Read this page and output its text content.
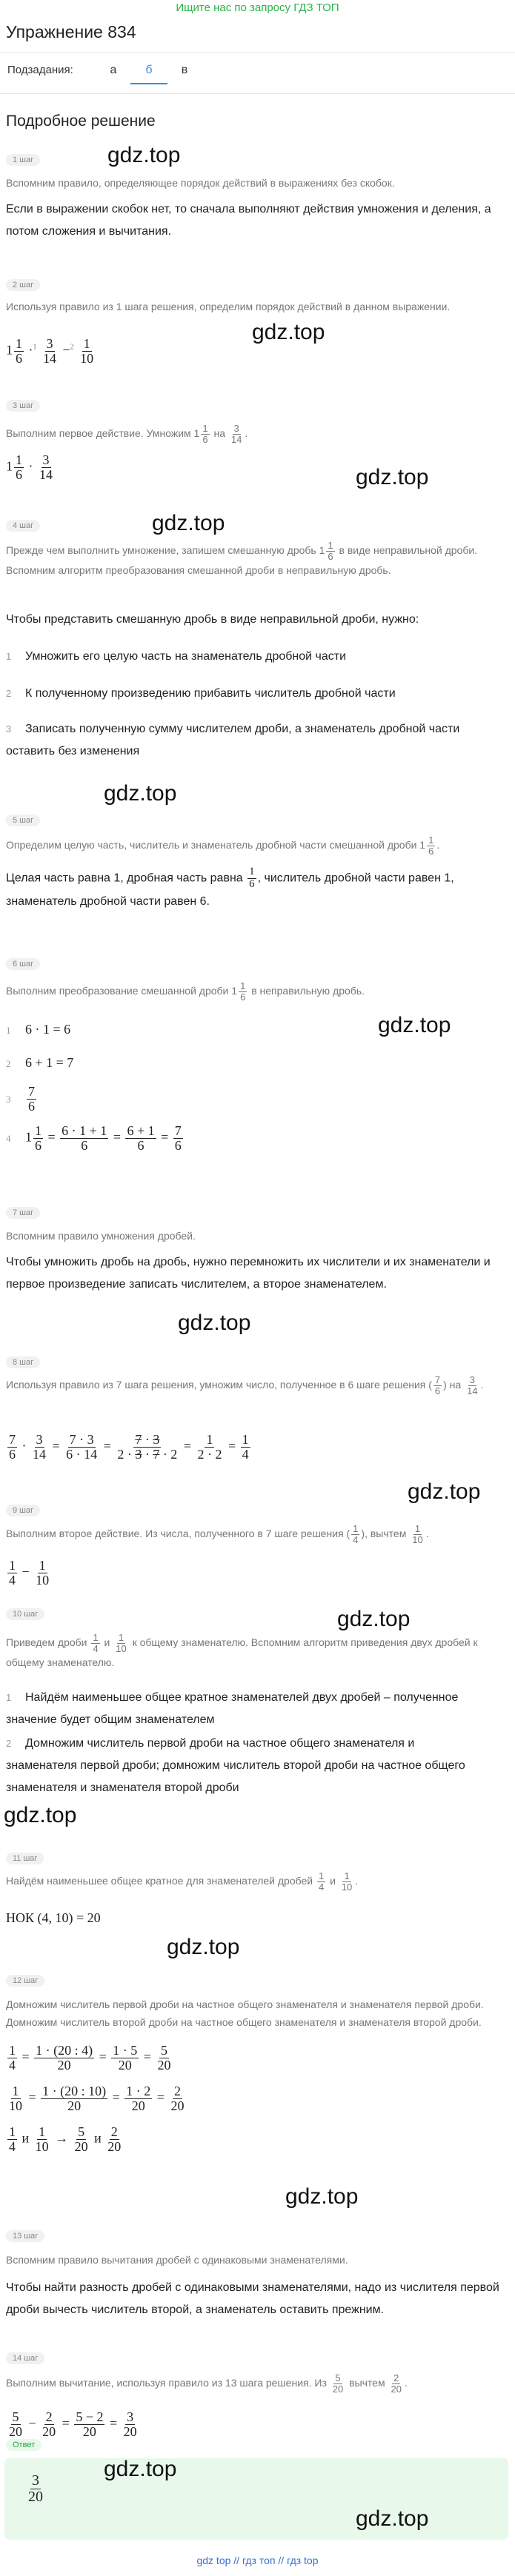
Ищите нас по запросу ГДЗ ТОП
Упражнение 834
Подзадания:	а	б	в
Подробное решение
1 шаг	gdz.top
Вспомним правило, определяющее порядок действий в выражениях без скобок.
Если в выражении скобок нет, то сначала выполняют действия умножения и деления, а потом сложения и вычитания.
2 шаг
Используя правило из 1 шага решения, определим порядок действий в данном выражении.
gdz.top
$1 \frac{1}{6} \cdot^1 \frac{3}{14} -^2 \frac{1}{10}$
3 шаг
Выполним первое действие. Умножим $1 \frac{1}{6}$ на $\frac{3}{14}$ .
$1 \frac{1}{6} \cdot \frac{3}{14}$	gdz.top
gdz.top
4 шаг
Прежде чем выполнить умножение, запишем смешанную дробь $1 \frac{1}{6}$ в виде неправильной дроби. Вспомним алгоритм преобразования смешанной дроби в неправильную дробь.
Чтобы представить смешанную дробь в виде неправильной дроби, нужно:
1 Умножить его целую часть на знаменатель дробной части
2 К полученному произведению прибавить числитель дробной части
3 Записать полученную сумму числителем дроби, а знаменатель дробной части оставить без изменения
gdz.top
5 шаг
Определим целую часть, числитель и знаменатель дробной части смешанной дроби $1 \frac{1}{6}$ .
Целая часть равна 1, дробная часть равна $\frac{1}{6}$ , числитель дробной части равен 1, знаменатель дробной части равен 6.
6 шаг
Выполним преобразование смешанной дроби $1 \frac{1}{6}$ в неправильную дробь.
gdz.top
1 6 · 1 = 6
2 6 + 1 = 7
$3 \frac{7}{6}$
4 $1 \frac{1}{6} = \frac{6 \cdot 1 + 1}{6} = \frac{6 + 1}{6} = \frac{7}{6}$
7 шаг
Вспомним правило умножения дробей.
Чтобы умножить дробь на дробь, нужно перемножить их числители и их знаменатели и первое произведение записать числителем, а второе знаменателем.
gdz.top
8 шаг
Используя правило из 7 шага решения, умножим число, полученное в 6 шаге решения ( $\frac{7}{6}$ ) на $\frac{3}{14}$ .
$\frac{7}{6} \cdot \frac{3}{14} = \frac{7 \cdot 3}{6 \cdot 14} = \frac{7 \cdot 3}{2 \cdot 3 \cdot 7 \cdot 2} = \frac{1}{2 \cdot 2} = \frac{1}{4}$
gdz.top
9 шаг
Выполним второе действие. Из числа, полученного в 7 шаге решения ( $\frac{1}{4}$ ), вычтем $\frac{1}{10}$ .
$\frac{1}{4} - \frac{1}{10}$
gdz.top
10 шаг
Приведем дроби $\frac{1}{4}$ и $\frac{1}{10}$ к общему знаменателю. Вспомним алгоритм приведения двух дробей к общему знаменателю.
1 Найдём наименьшее общее кратное знаменателей двух дробей – полученное значение будет общим знаменателем
2 Домножим числитель первой дроби на частное общего знаменателя и знаменателя первой дроби; домножим числитель второй дроби на частное общего знаменателя и знаменателя второй дроби
gdz.top
11 шаг
Найдём наименьшее общее кратное для знаменателей дробей $\frac{1}{4}$ и $\frac{1}{10}$ .
НОК (4, 10) = 20
gdz.top
12 шаг
Домножим числитель первой дроби на частное общего знаменателя и знаменателя первой дроби. Домножим числитель второй дроби на частное общего знаменателя и знаменателя второй дроби.
$\frac{1}{4} = \frac{1 \cdot (20 : 4)}{20} = \frac{1 \cdot 5}{20} = \frac{5}{20}$
$\frac{1}{10} = \frac{1 \cdot (20 : 10)}{20} = \frac{1 \cdot 2}{20} = \frac{2}{20}$
$\frac{1}{4}$ и $\frac{1}{10} \to \frac{5}{20}$ и $\frac{2}{20}$
gdz.top
13 шаг
Вспомним правило вычитания дробей с одинаковыми знаменателями.
Чтобы найти разность дробей с одинаковыми знаменателями, надо из числителя первой дроби вычесть числитель второй, а знаменатель оставить прежним.
14 шаг
Выполним вычитание, используя правило из 13 шага решения. Из $\frac{5}{20}$ вычтем $\frac{2}{20}$ .
$\frac{5}{20} - \frac{2}{20} = \frac{5 - 2}{20} = \frac{3}{20}$
Ответ
$\frac{3}{20}$
gdz.top
gdz.top
gdz top // гдз топ // гдз top
